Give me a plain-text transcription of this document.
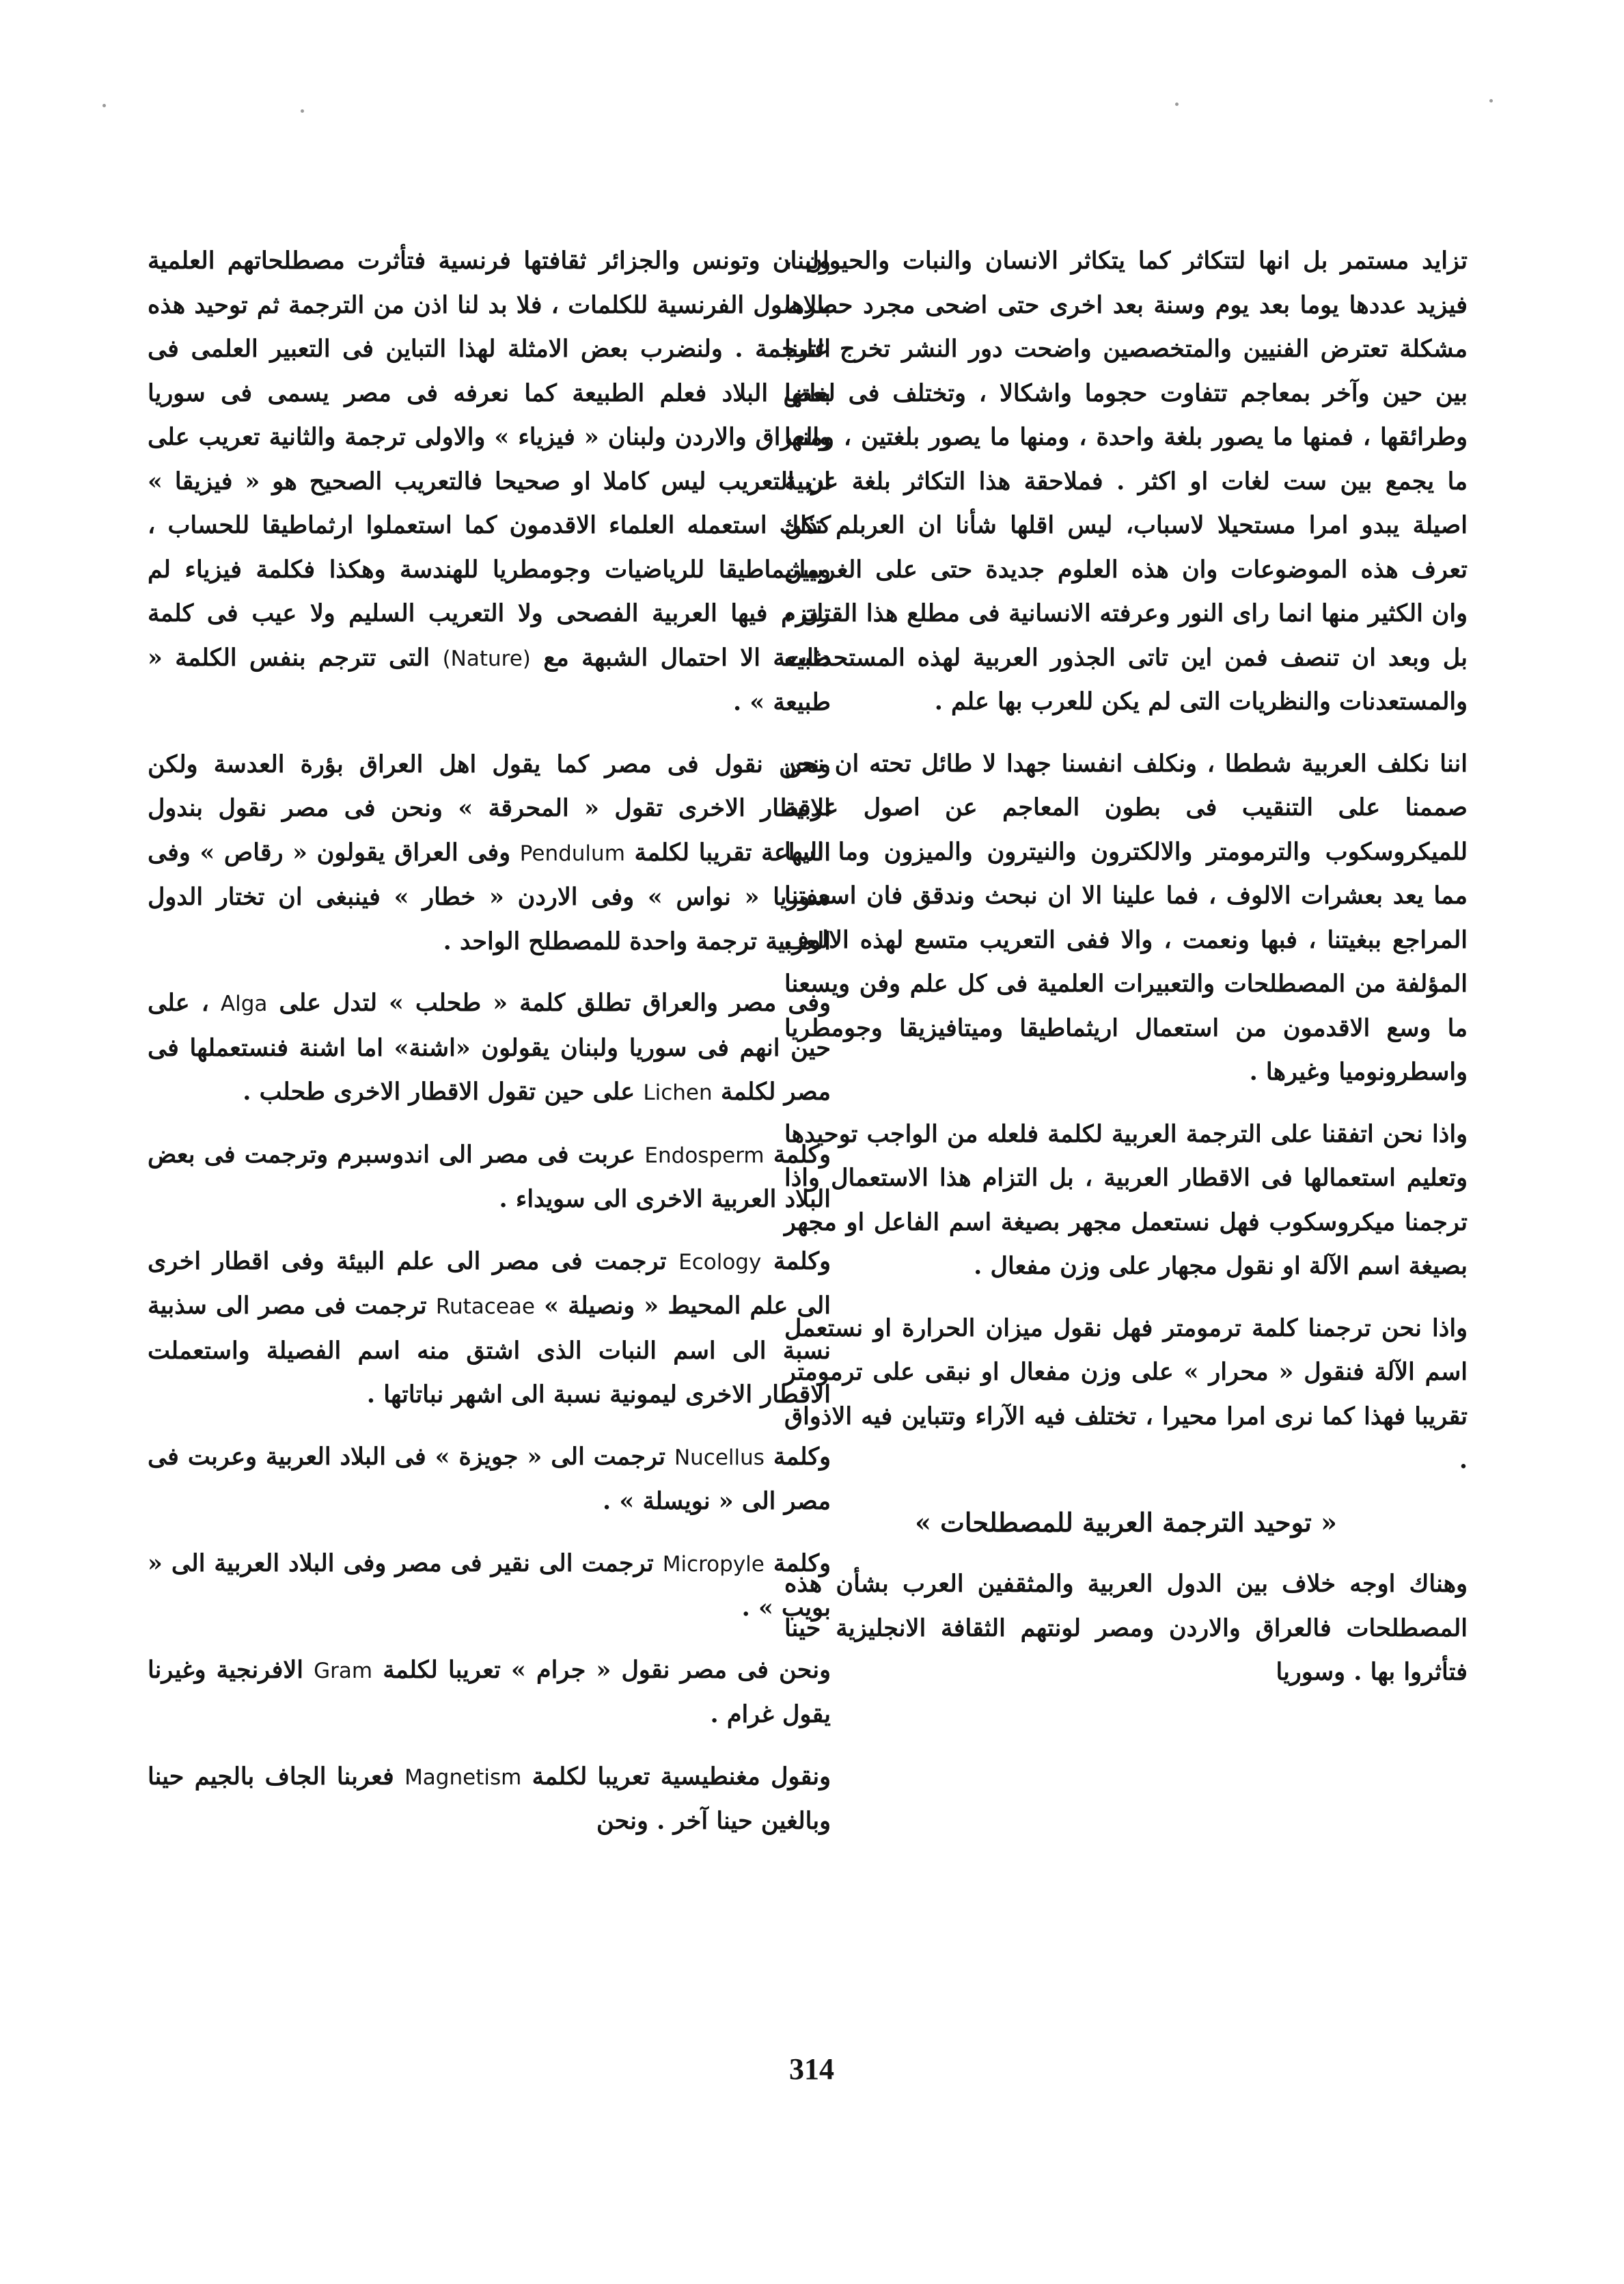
تزايد مستمر بل انها لتتكاثر كما يتكاثر الانسان والنبات والحيوان ، فيزيد عددها يوما بعد يوم وسنة بعد اخرى حتى اضحى مجرد حصرها مشكلة تعترض الفنيين والمتخصصين واضحت دور النشر تخرج علينا بين حين وآخر بمعاجم تتفاوت حجوما واشكالا ، وتختلف فى لغاتها وطرائقها ، فمنها ما يصور بلغة واحدة ، ومنها ما يصور بلغتين ، ومنها ما يجمع بين ست لغات او اكثر . فملاحقة هذا التكاثر بلغة عربية اصيلة يبدو امرا مستحيلا لاسباب، ليس اقلها شأنا ان العربلم تكن تعرف هذه الموضوعات وان هذه العلوم جديدة حتى على الغربيين وان الكثير منها انما راى النور وعرفته الانسانية فى مطلع هذا القرن ، بل وبعد ان تنصف فمن اين تاتى الجذور العربية لهذه المستحدثات والمستعدنات والنظريات التى لم يكن للعرب بها علم .

اننا نكلف العربية شططا ، ونكلف انفسنا جهدا لا طائل تحته ان نحن صممنا على التنقيب فى بطون المعاجم عن اصول عربية للميكروسكوب والترمومتر والالكترون والنيترون والميزون وما اليها مما يعد بعشرات الالوف ، فما علينا الا ان نبحث وندقق فان اسعفتنا المراجع ببغيتنا ، فبها ونعمت ، والا ففى التعريب متسع لهذه الالوف المؤلفة من المصطلحات والتعبيرات العلمية فى كل علم وفن ويسعنا ما وسع الاقدمون من استعمال اريثماطيقا وميتافيزيقا وجومطريا واسطرونوميا وغيرها .

واذا نحن اتفقنا على الترجمة العربية لكلمة فلعله من الواجب توحيدها وتعليم استعمالها فى الاقطار العربية ، بل التزام هذا الاستعمال واذا ترجمنا ميكروسكوب فهل نستعمل مجهر بصيغة اسم الفاعل او مجهر بصيغة اسم الآلة او نقول مجهار على وزن مفعال .

واذا نحن ترجمنا كلمة ترمومتر فهل نقول ميزان الحرارة او نستعمل اسم الآلة فنقول « محرار » على وزن مفعال او نبقى على ترمومتر تقريبا فهذا كما نرى امرا محيرا ، تختلف فيه الآراء وتتباين فيه الاذواق .

« توحيد الترجمة العربية للمصطلحات »

وهناك اوجه خلاف بين الدول العربية والمثقفين العرب بشأن هذه المصطلحات فالعراق والاردن ومصر لونتهم الثقافة الانجليزية حينا فتأثروا بها . وسوريا

ولبنان وتونس والجزائر ثقافتها فرنسية فتأثرت مصطلحاتهم العلمية بالاصول الفرنسية للكلمات ، فلا بد لنا اذن من الترجمة ثم توحيد هذه الترجمة . ولنضرب بعض الامثلة لهذا التباين فى التعبير العلمى فى بعض البلاد فعلم الطبيعة كما نعرفه فى مصر يسمى فى سوريا والعراق والاردن ولبنان « فيزياء » والاولى ترجمة والثانية تعريب على ان التعريب ليس كاملا او صحيحا فالتعريب الصحيح هو « فيزيقا » كذلك استعمله العلماء الاقدمون كما استعملوا ارثماطيقا للحساب ، وماثيماطيقا للرياضيات وجومطريا للهندسة وهكذا فكلمة فيزياء لم تلتزم فيها العربية الفصحى ولا التعريب السليم ولا عيب فى كلمة طبيعة الا احتمال الشبهة مع (Nature) التى تترجم بنفس الكلمة « طبيعة » .

ونحن نقول فى مصر كما يقول اهل العراق بؤرة العدسة ولكن الاقطار الاخرى تقول « المحرقة » ونحن فى مصر نقول بندول الساعة تقريبا لكلمة Pendulum وفى العراق يقولون « رقاص » وفى سوريا « نواس » وفى الاردن « خطار » فينبغى ان تختار الدول العربية ترجمة واحدة للمصطلح الواحد .

وفى مصر والعراق تطلق كلمة « طحلب » لتدل على Alga ، على حين انهم فى سوريا ولبنان يقولون «اشنة» اما اشنة فنستعملها فى مصر لكلمة Lichen على حين تقول الاقطار الاخرى طحلب .

وكلمة Endosperm عربت فى مصر الى اندوسبرم وترجمت فى بعض البلاد العربية الاخرى الى سويداء .

وكلمة Ecology ترجمت فى مصر الى علم البيئة وفى اقطار اخرى الى علم المحيط « ونصيلة » Rutaceae ترجمت فى مصر الى سذبية نسبة الى اسم النبات الذى اشتق منه اسم الفصيلة واستعملت الاقطار الاخرى ليمونية نسبة الى اشهر نباتاتها .

وكلمة Nucellus ترجمت الى « جويزة » فى البلاد العربية وعربت فى مصر الى « نويسلة » .

وكلمة Micropyle ترجمت الى نقير فى مصر وفى البلاد العربية الى « بويب » .

ونحن فى مصر نقول « جرام » تعريبا لكلمة Gram الافرنجية وغيرنا يقول غرام .

ونقول مغنطيسية تعريبا لكلمة Magnetism فعربنا الجاف بالجيم حينا وبالغين حينا آخر . ونحن

314
